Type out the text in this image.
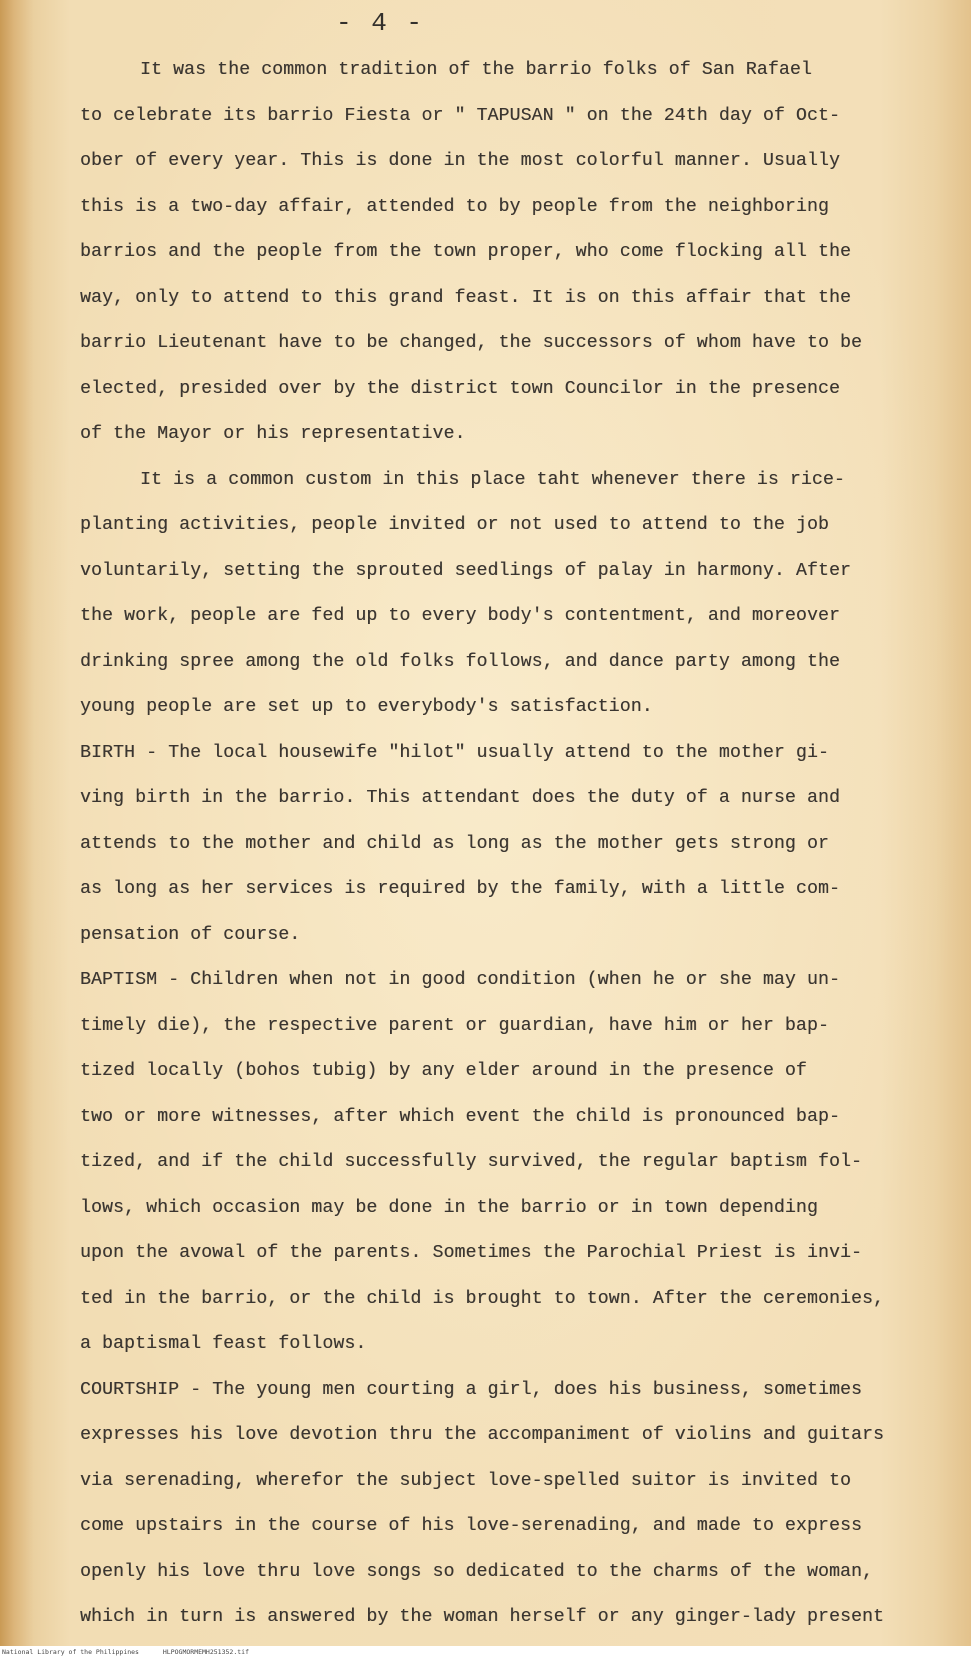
- 4 -
It was the common tradition of the barrio folks of San Rafael
to celebrate its barrio Fiesta or " TAPUSAN " on the 24th day of Oct-
ober of every year. This is done in the most colorful manner. Usually
this is a two-day affair, attended to by people from the neighboring
barrios and the people from the town proper, who come flocking all the
way, only to attend to this grand feast. It is on this affair that the
barrio Lieutenant have to be changed, the successors of whom have to be
elected, presided over by the district town Councilor in the presence
of the Mayor or his representative.
It is a common custom in this place taht whenever there is rice-
planting activities, people invited or not used to attend to the job
voluntarily, setting the sprouted seedlings of palay in harmony. After
the work, people are fed up to every body's contentment, and moreover
drinking spree among the old folks follows, and dance party among the
young people are set up to everybody's satisfaction.
BIRTH - The local housewife "hilot" usually attend to the mother gi-
ving birth in the barrio. This attendant does the duty of a nurse and
attends to the mother and child as long as the mother gets strong or
as long as her services is required by the family, with a little com-
pensation of course.
BAPTISM - Children when not in good condition (when he or she may un-
timely die), the respective parent or guardian, have him or her bap-
tized locally (bohos tubig) by any elder around in the presence of
two or more witnesses, after which event the child is pronounced bap-
tized, and if the child successfully survived, the regular baptism fol-
lows, which occasion may be done in the barrio or in town depending
upon the avowal of the parents. Sometimes the Parochial Priest is invi-
ted in the barrio, or the child is brought to town. After the ceremonies,
a baptismal feast follows.
COURTSHIP - The young men courting a girl, does his business, sometimes
expresses his love devotion thru the accompaniment of violins and guitars
via serenading, wherefor the subject love-spelled suitor is invited to
come upstairs in the course of his love-serenading, and made to express
openly his love thru love songs so dedicated to the charms of the woman,
which in turn is answered by the woman herself or any ginger-lady present
National Library of the Philippines	HLPOGMORMEMH251352.tif
